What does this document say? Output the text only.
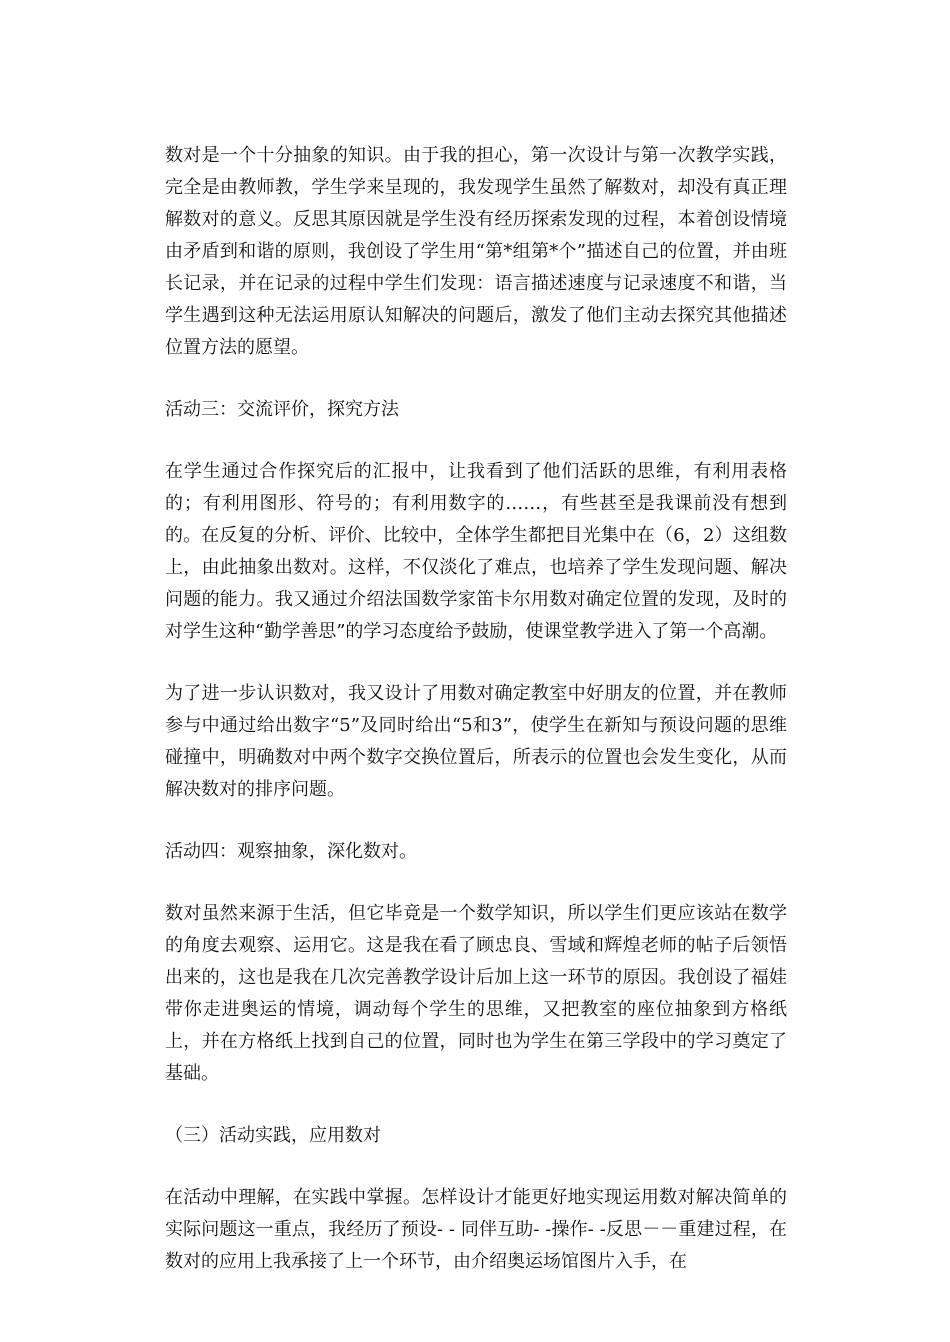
数对是一个十分抽象的知识。由于我的担心，第一次设计与第一次教学实践，完全是由教师教，学生学来呈现的，我发现学生虽然了解数对，却没有真正理解数对的意义。反思其原因就是学生没有经历探索发现的过程，本着创设情境由矛盾到和谐的原则，我创设了学生用“第*组第*个”描述自己的位置，并由班长记录，并在记录的过程中学生们发现：语言描述速度与记录速度不和谐，当学生遇到这种无法运用原认知解决的问题后，激发了他们主动去探究其他描述位置方法的愿望。

活动三：交流评价，探究方法

在学生通过合作探究后的汇报中，让我看到了他们活跃的思维，有利用表格的；有利用图形、符号的；有利用数字的……，有些甚至是我课前没有想到的。在反复的分析、评价、比较中，全体学生都把目光集中在（6，2）这组数上，由此抽象出数对。这样，不仅淡化了难点，也培养了学生发现问题、解决问题的能力。我又通过介绍法国数学家笛卡尔用数对确定位置的发现，及时的对学生这种“勤学善思”的学习态度给予鼓励，使课堂教学进入了第一个高潮。

为了进一步认识数对，我又设计了用数对确定教室中好朋友的位置，并在教师参与中通过给出数字“5”及同时给出“5和3”，使学生在新知与预设问题的思维碰撞中，明确数对中两个数字交换位置后，所表示的位置也会发生变化，从而解决数对的排序问题。

活动四：观察抽象，深化数对。

数对虽然来源于生活，但它毕竟是一个数学知识，所以学生们更应该站在数学的角度去观察、运用它。这是我在看了顾忠良、雪域和辉煌老师的帖子后领悟出来的，这也是我在几次完善教学设计后加上这一环节的原因。我创设了福娃带你走进奥运的情境，调动每个学生的思维，又把教室的座位抽象到方格纸上，并在方格纸上找到自己的位置，同时也为学生在第三学段中的学习奠定了基础。

（三）活动实践，应用数对

在活动中理解，在实践中掌握。怎样设计才能更好地实现运用数对解决简单的实际问题这一重点，我经历了预设- - 同伴互助- -操作- -反思－－重建过程，在数对的应用上我承接了上一个环节，由介绍奥运场馆图片入手，在
